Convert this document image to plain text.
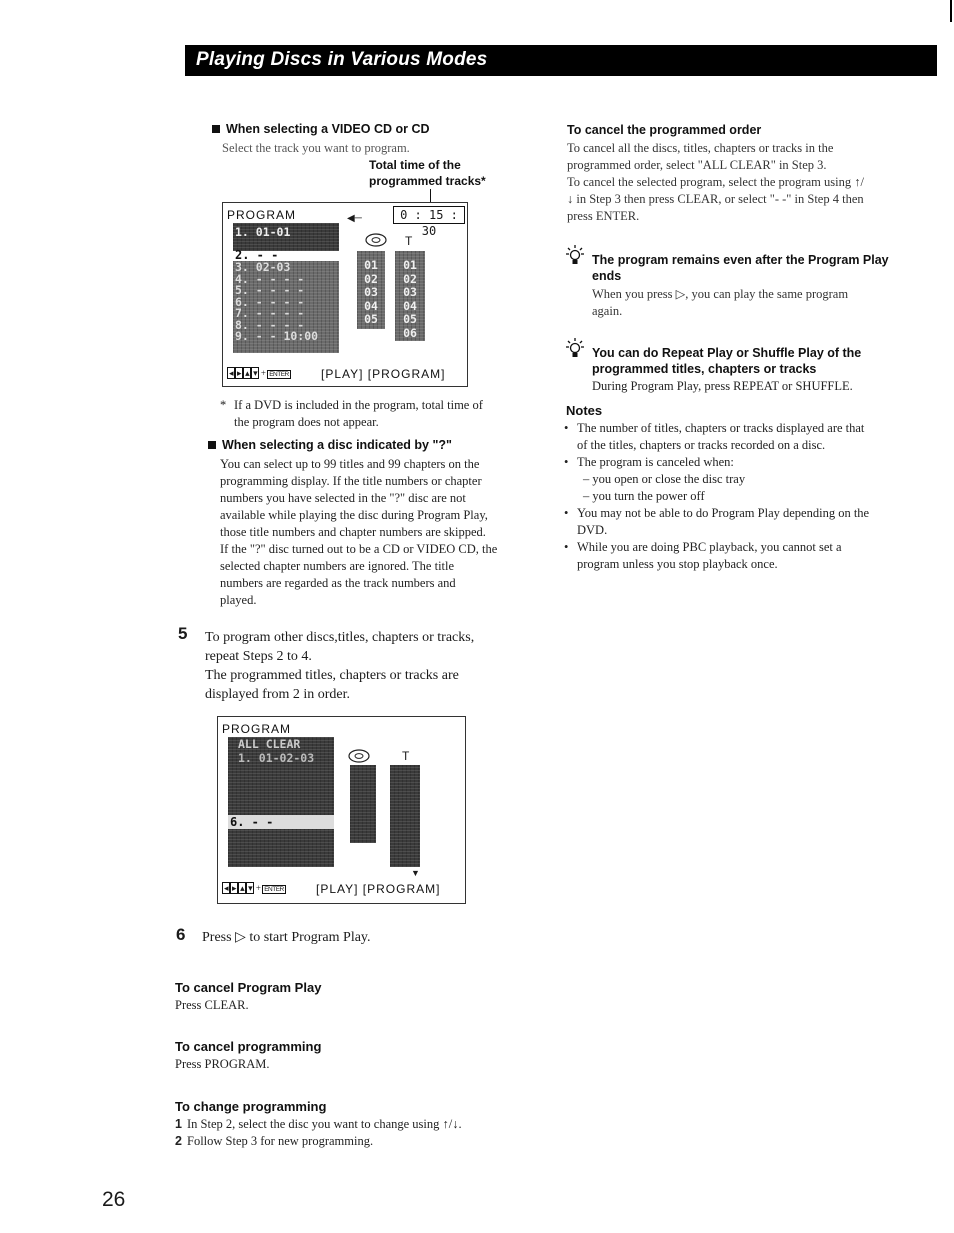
Playing Discs in Various Modes
When selecting a VIDEO CD or CD
Select the track you want to program.
Total time of the
programmed tracks*
PROGRAM	◀─	0 : 15 : 30
T
1. 01-01
2. - -
3. 02-03
4. - - - -
5. - - - -
6. - - - -
7. - - - -
8. - - - -
9. - - 10:00
01
02
03
04
05
01
02
03
04
05
06
◂ ▸ ▴ ▾ + ENTER	[PLAY] [PROGRAM]
* If a DVD is included in the program, total time of
the program does not appear.
When selecting a disc indicated by "?"
You can select up to 99 titles and 99 chapters on the
programming display. If the title numbers or chapter
numbers you have selected in the "?" disc are not
available while playing the disc during Program Play,
those title numbers and chapter numbers are skipped.
If the "?" disc turned out to be a CD or VIDEO CD, the
selected chapter numbers are ignored. The title
numbers are regarded as the track numbers and
played.
5 To program other discs,titles, chapters or tracks,
repeat Steps 2 to 4.
The programmed titles, chapters or tracks are
displayed from 2 in order.
PROGRAM
ALL CLEAR
1. 01-02-03
6. - -
T
▼
◂ ▸ ▴ ▾ + ENTER	[PLAY] [PROGRAM]
6 Press ▷ to start Program Play.
To cancel Program Play
Press CLEAR.
To cancel programming
Press PROGRAM.
To change programming
1 In Step 2, select the disc you want to change using ↑/↓.
2 Follow Step 3 for new programming.
To cancel the programmed order
To cancel all the discs, titles, chapters or tracks in the
programmed order, select "ALL CLEAR" in Step 3.
To cancel the selected program, select the program using ↑/
↓ in Step 3 then press CLEAR, or select "- -" in Step 4 then
press ENTER.
The program remains even after the Program Play
ends
When you press ▷, you can play the same program
again.
You can do Repeat Play or Shuffle Play of the
programmed titles, chapters or tracks
During Program Play, press REPEAT or SHUFFLE.
Notes
• The number of titles, chapters or tracks displayed are that
of the titles, chapters or tracks recorded on a disc.
• The program is canceled when:
– you open or close the disc tray
– you turn the power off
• You may not be able to do Program Play depending on the
DVD.
• While you are doing PBC playback, you cannot set a
program unless you stop playback once.
26
